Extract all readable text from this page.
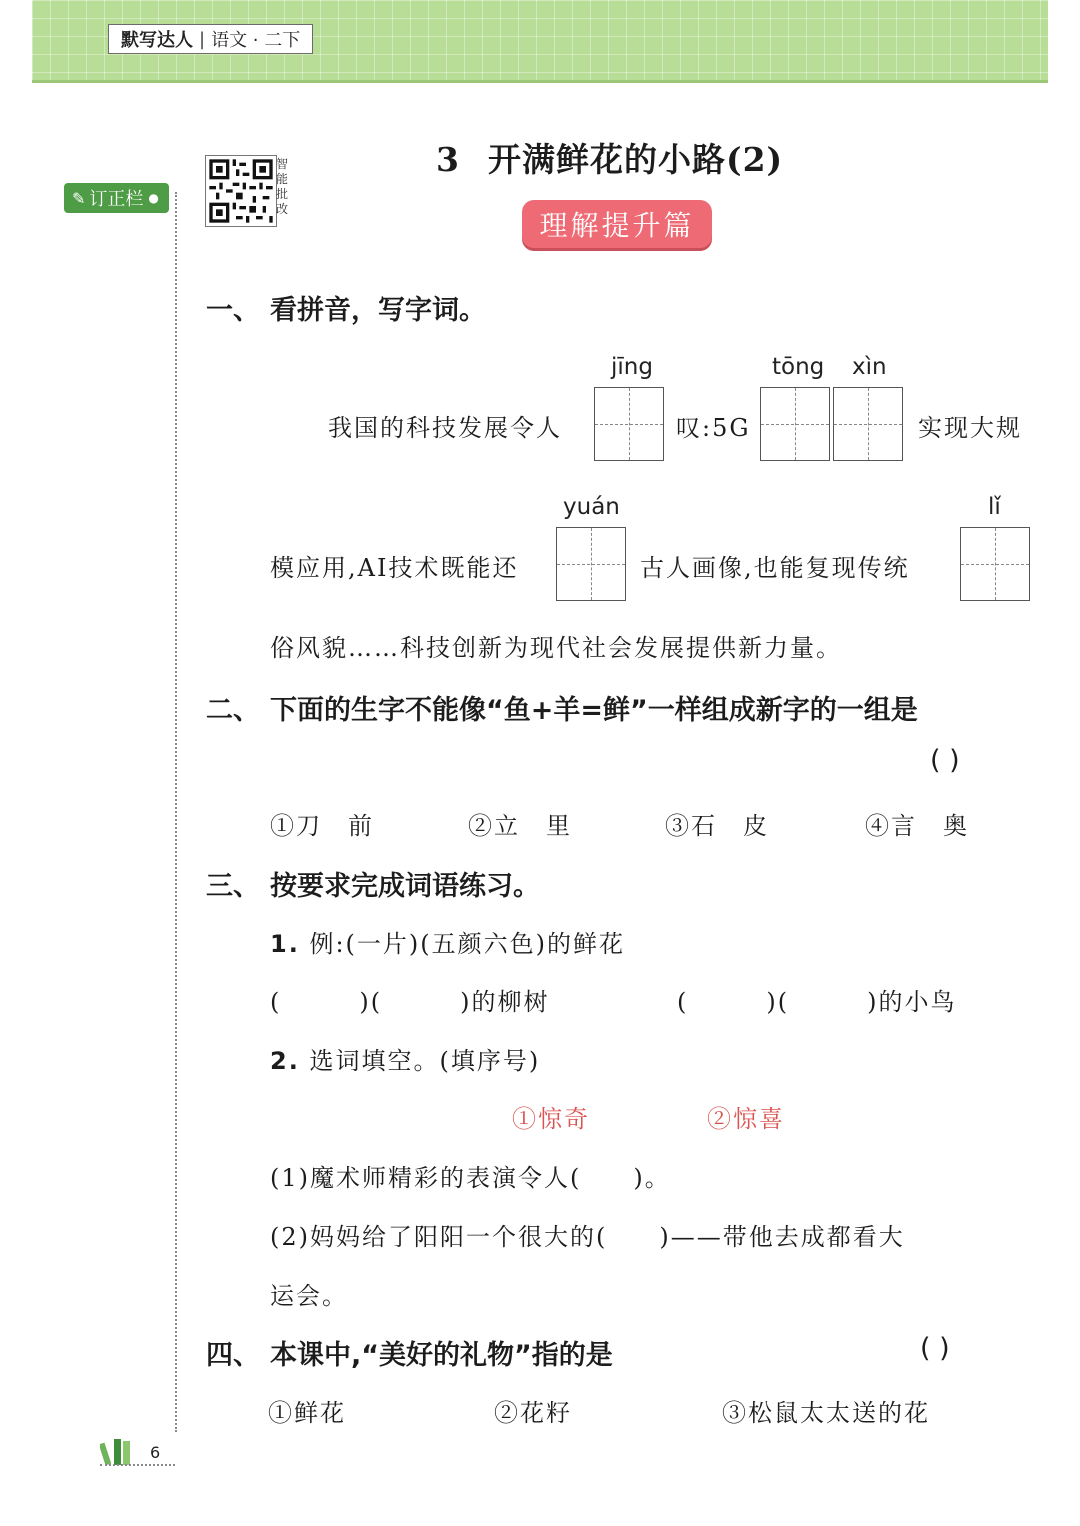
默写达人 | 语文 · 二下
✎ 订正栏 ●
智能批改
3 开满鲜花的小路(2)
理解提升篇
一、 看拼音，写字词。
jīng	tōng xìn
我国的科技发展令人	叹:5G	实现大规
yuán	lǐ
模应用,AI技术既能还	古人画像,也能复现传统
俗风貌……科技创新为现代社会发展提供新力量。
二、 下面的生字不能像“鱼+羊=鲜”一样组成新字的一组是
( )
①刀　前	②立　里	③石　皮	④言　奥
三、 按要求完成词语练习。
1. 例:(一片)(五颜六色)的鲜花
(　　　)(　　　)的柳树	(　　　)(　　　)的小鸟
2. 选词填空。(填序号)
①惊奇	②惊喜
(1)魔术师精彩的表演令人(　　)。
(2)妈妈给了阳阳一个很大的(　　)——带他去成都看大
运会。
四、 本课中,“美好的礼物”指的是	( )
①鲜花	②花籽	③松鼠太太送的花
6
